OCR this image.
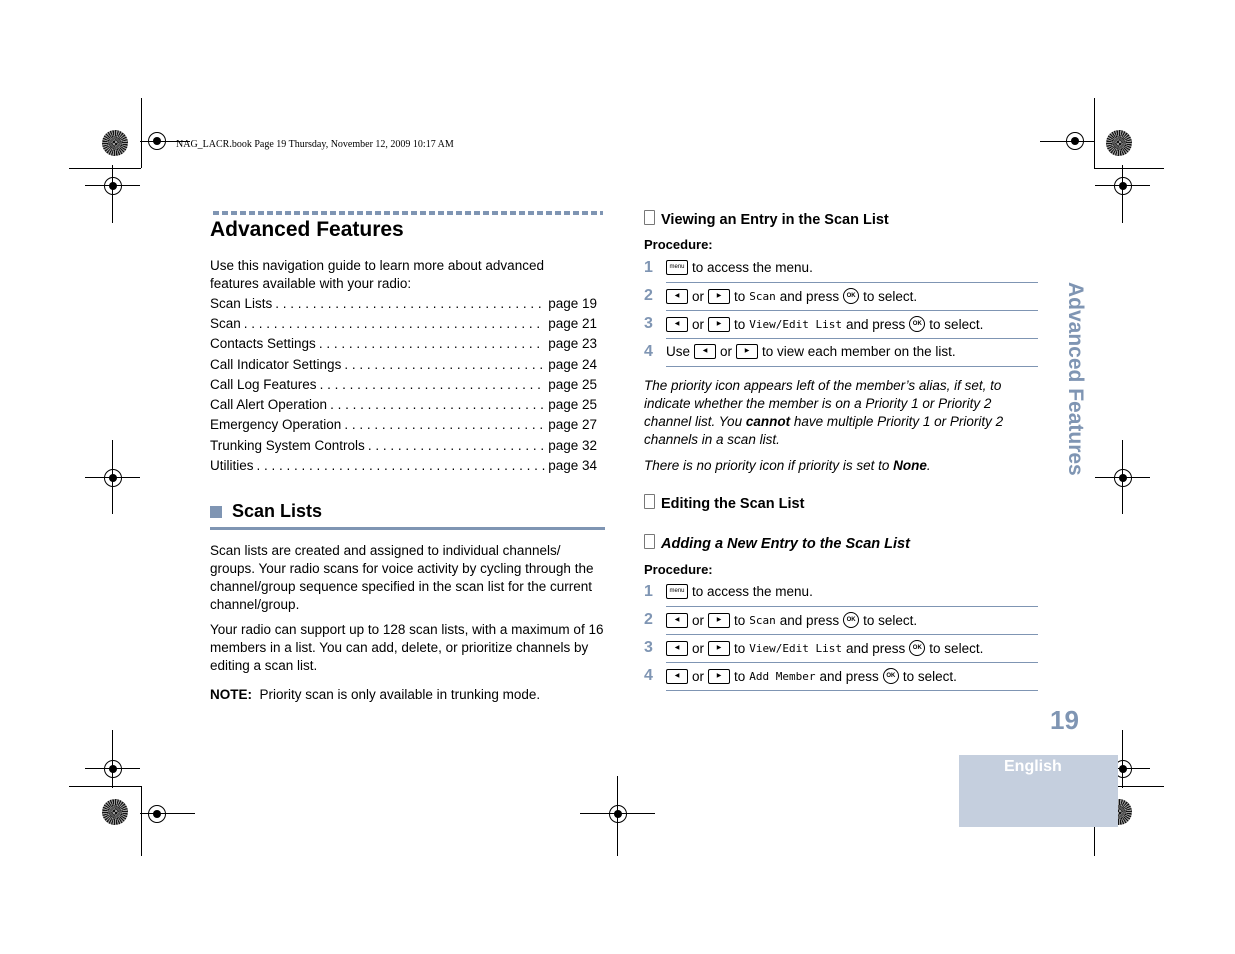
NAG_LACR.book Page 19 Thursday, November 12, 2009 10:17 AM
Advanced Features
Use this navigation guide to learn more about advanced features available with your radio:
Scan Lists . . .	page 19
Scan . . .	page 21
Contacts Settings . . .	page 23
Call Indicator Settings . . .	page 24
Call Log Features . . .	page 25
Call Alert Operation . . .	page 25
Emergency Operation . . .	page 27
Trunking System Controls . . .	page 32
Utilities . . .	page 34
Scan Lists
Scan lists are created and assigned to individual channels/ groups. Your radio scans for voice activity by cycling through the channel/group sequence specified in the scan list for the current channel/group.
Your radio can support up to 128 scan lists, with a maximum of 16 members in a list. You can add, delete, or prioritize channels by editing a scan list.
NOTE: Priority scan is only available in trunking mode.
Viewing an Entry in the Scan List
Procedure:
1	menu to access the menu.
2	◀ or	▶ to Scan and press	OK to select.
3	◀ or	▶ to View/Edit List and press	OK to select.
4 Use	◀ or	▶ to view each member on the list.
The priority icon appears left of the member’s alias, if set, to indicate whether the member is on a Priority 1 or Priority 2 channel list. You cannot have multiple Priority 1 or Priority 2 channels in a scan list.
There is no priority icon if priority is set to None.
Editing the Scan List
Adding a New Entry to the Scan List
Procedure:
1	menu to access the menu.
2	◀ or	▶ to Scan and press	OK to select.
3	◀ or	▶ to View/Edit List and press	OK to select.
4	◀ or	▶ to Add Member and press	OK to select.
Advanced Features
19
English
